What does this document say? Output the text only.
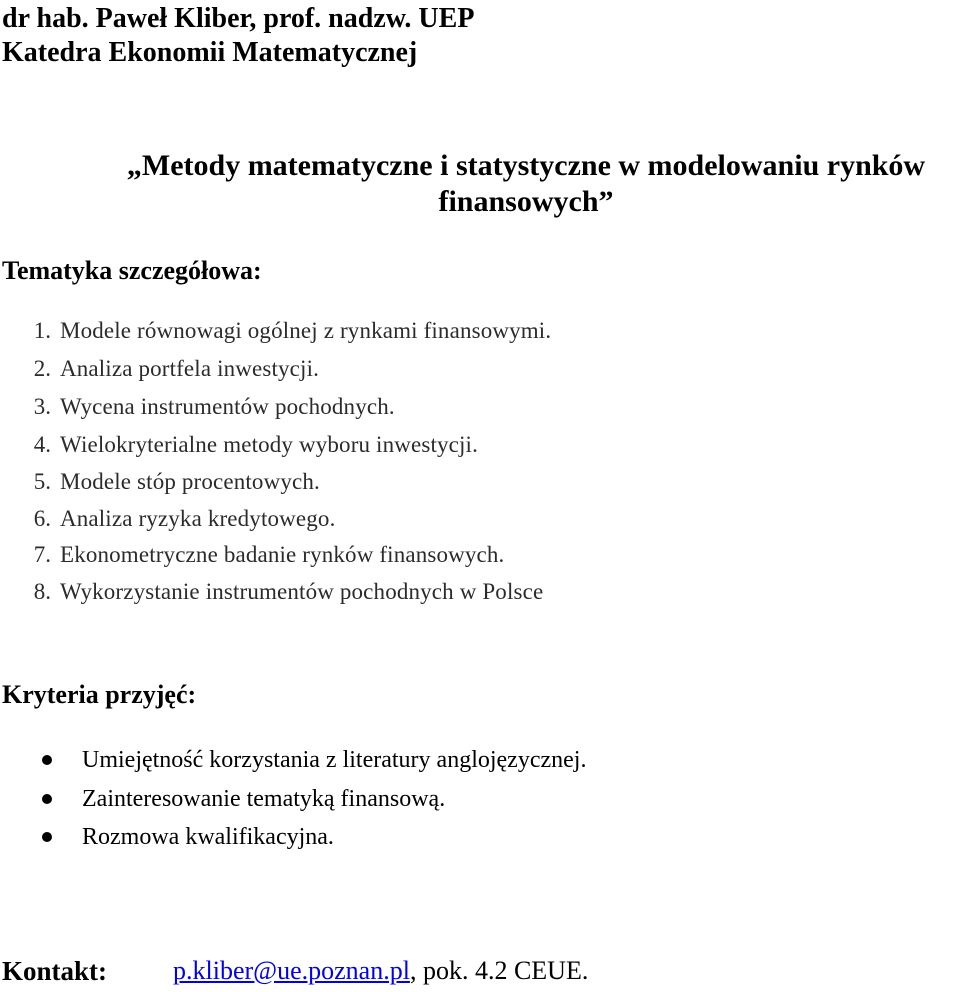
dr hab. Paweł Kliber, prof. nadzw. UEP
Katedra Ekonomii Matematycznej
„Metody matematyczne i statystyczne w modelowaniu rynków finansowych”
Tematyka szczegółowa:
1. Modele równowagi ogólnej z rynkami finansowymi.
2. Analiza portfela inwestycji.
3. Wycena instrumentów pochodnych.
4. Wielokryterialne metody wyboru inwestycji.
5. Modele stóp procentowych.
6. Analiza ryzyka kredytowego.
7. Ekonometryczne badanie rynków finansowych.
8. Wykorzystanie instrumentów pochodnych w Polsce
Kryteria przyjęć:
Umiejętność korzystania z literatury anglojęzycznej.
Zainteresowanie tematyką finansową.
Rozmowa kwalifikacyjna.
Kontakt:	p.kliber@ue.poznan.pl, pok. 4.2 CEUE.
